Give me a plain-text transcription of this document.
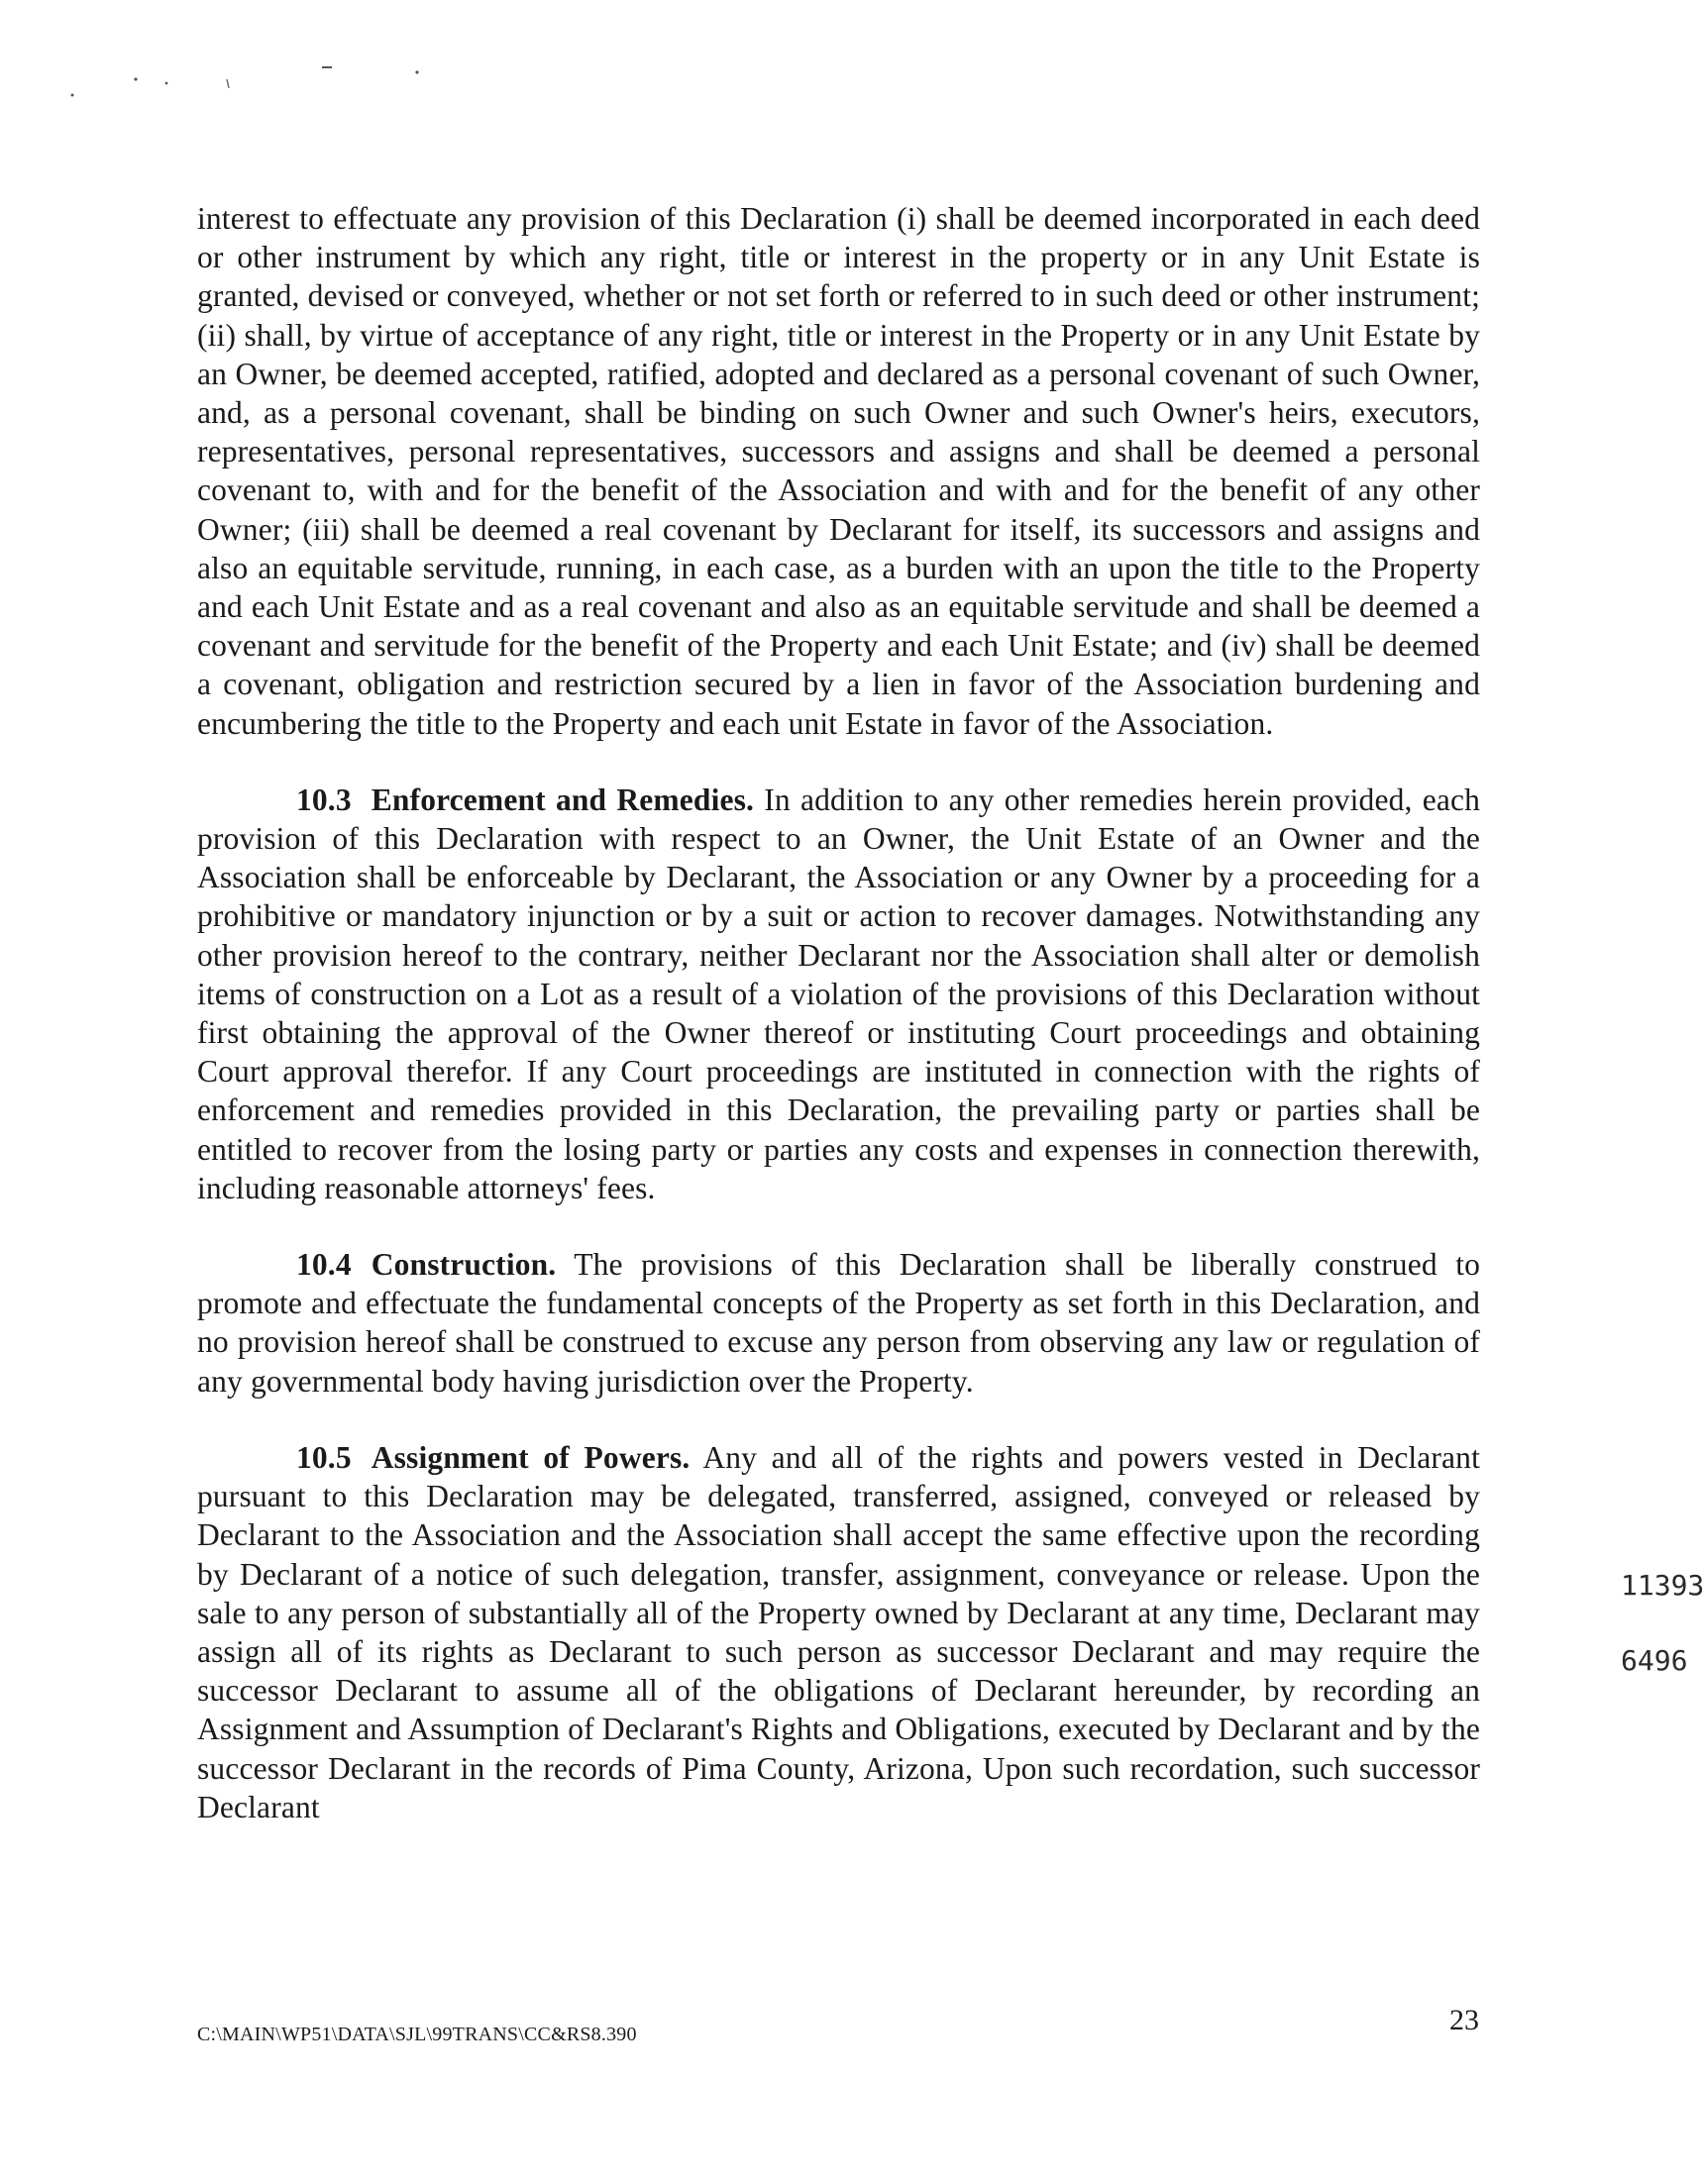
interest to effectuate any provision of this Declaration (i) shall be deemed incorporated in each deed or other instrument by which any right, title or interest in the property or in any Unit Estate is granted, devised or conveyed, whether or not set forth or referred to in such deed or other instrument; (ii) shall, by virtue of acceptance of any right, title or interest in the Property or in any Unit Estate by an Owner, be deemed accepted, ratified, adopted and declared as a personal covenant of such Owner, and, as a personal covenant, shall be binding on such Owner and such Owner's heirs, executors, representatives, personal representatives, successors and assigns and shall be deemed a personal covenant to, with and for the benefit of the Association and with and for the benefit of any other Owner; (iii) shall be deemed a real covenant by Declarant for itself, its successors and assigns and also an equitable servitude, running, in each case, as a burden with an upon the title to the Property and each Unit Estate and as a real covenant and also as an equitable servitude and shall be deemed a covenant and servitude for the benefit of the Property and each Unit Estate; and (iv) shall be deemed a covenant, obligation and restriction secured by a lien in favor of the Association burdening and encumbering the title to the Property and each unit Estate in favor of the Association.

10.3 Enforcement and Remedies. In addition to any other remedies herein provided, each provision of this Declaration with respect to an Owner, the Unit Estate of an Owner and the Association shall be enforceable by Declarant, the Association or any Owner by a proceeding for a prohibitive or mandatory injunction or by a suit or action to recover damages. Notwithstanding any other provision hereof to the contrary, neither Declarant nor the Association shall alter or demolish items of construction on a Lot as a result of a violation of the provisions of this Declaration without first obtaining the approval of the Owner thereof or instituting Court proceedings and obtaining Court approval therefor. If any Court proceedings are instituted in connection with the rights of enforcement and remedies provided in this Declaration, the prevailing party or parties shall be entitled to recover from the losing party or parties any costs and expenses in connection therewith, including reasonable attorneys' fees.

10.4 Construction. The provisions of this Declaration shall be liberally construed to promote and effectuate the fundamental concepts of the Property as set forth in this Declaration, and no provision hereof shall be construed to excuse any person from observing any law or regulation of any governmental body having jurisdiction over the Property.

10.5 Assignment of Powers. Any and all of the rights and powers vested in Declarant pursuant to this Declaration may be delegated, transferred, assigned, conveyed or released by Declarant to the Association and the Association shall accept the same effective upon the recording by Declarant of a notice of such delegation, transfer, assignment, conveyance or release. Upon the sale to any person of substantially all of the Property owned by Declarant at any time, Declarant may assign all of its rights as Declarant to such person as successor Declarant and may require the successor Declarant to assume all of the obligations of Declarant hereunder, by recording an Assignment and Assumption of Declarant's Rights and Obligations, executed by Declarant and by the successor Declarant in the records of Pima County, Arizona, Upon such recordation, such successor Declarant

11393

6496
C:\MAIN\WP51\DATA\SJL\99TRANS\CC&RS8.390	23
